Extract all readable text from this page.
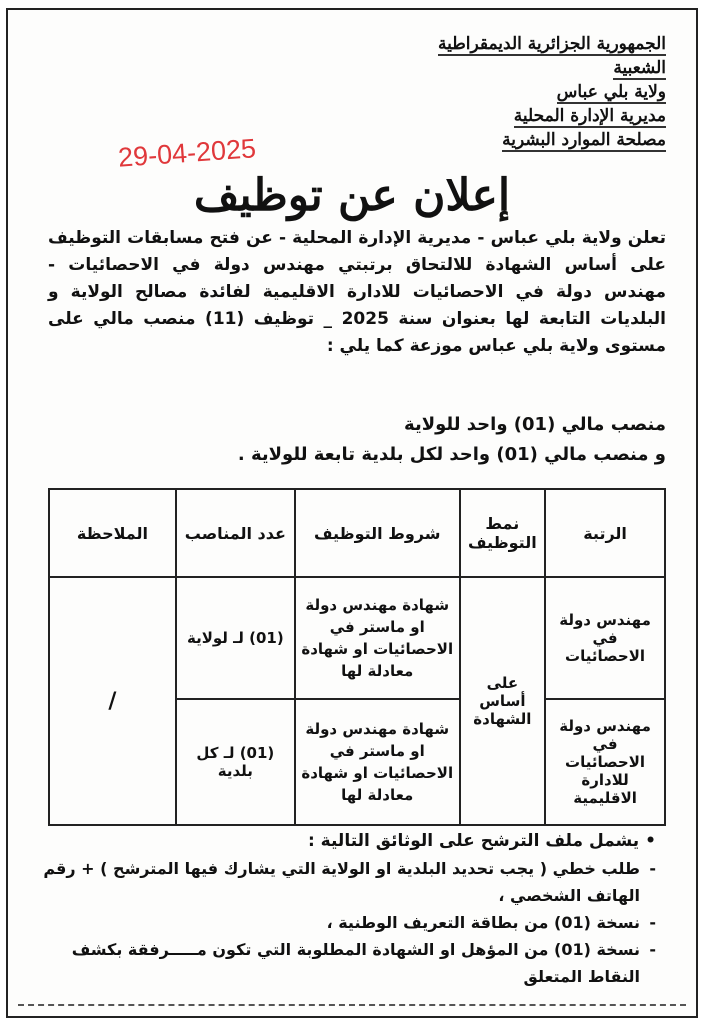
الجمهورية الجزائرية الديمقراطية
الشعبية
ولاية بلي عباس
مديرية الإدارة المحلية
مصلحة الموارد البشرية
29-04-2025
إعلان عن توظيف

تعلن ولاية بلي عباس - مديرية الإدارة المحلية - عن فتح مسابقات التوظيف على أساس الشهادة للالتحاق برتبتي مهندس دولة في الاحصائيات - مهندس دولة في الاحصائيات للادارة الاقليمية لفائدة مصالح الولاية و البلديات التابعة لها بعنوان سنة 2025 _ توظيف (11) منصب مالي على مستوى ولاية بلي عباس موزعة كما يلي :

منصب مالي (01) واحد للولاية
و منصب مالي (01) واحد لكل بلدية تابعة للولاية .
الرتبة	نمط التوظيف	شروط التوظيف	عدد المناصب	الملاحظة
مهندس دولة في الاحصائيات	على أساس الشهادة	شهادة مهندس دولة او ماستر في الاحصائيات او شهادة معادلة لها	(01) لـ لولاية	/
مهندس دولة في الاحصائيات للادارة الاقليمية		شهادة مهندس دولة او ماستر في الاحصائيات او شهادة معادلة لها	(01) لـ كل بلدية	
• يشمل ملف الترشح على الوثائق التالية :
-
طلب خطي ( يجب تحديد البلدية او الولاية التي يشارك فيها المترشح ) + رقم الهاتف الشخصي ،
-
نسخة (01) من بطاقة التعريف الوطنية ،
-
نسخة (01) من المؤهل او الشهادة المطلوبة التي تكون مـــــرفقة بكشف النقاط المتعلق
